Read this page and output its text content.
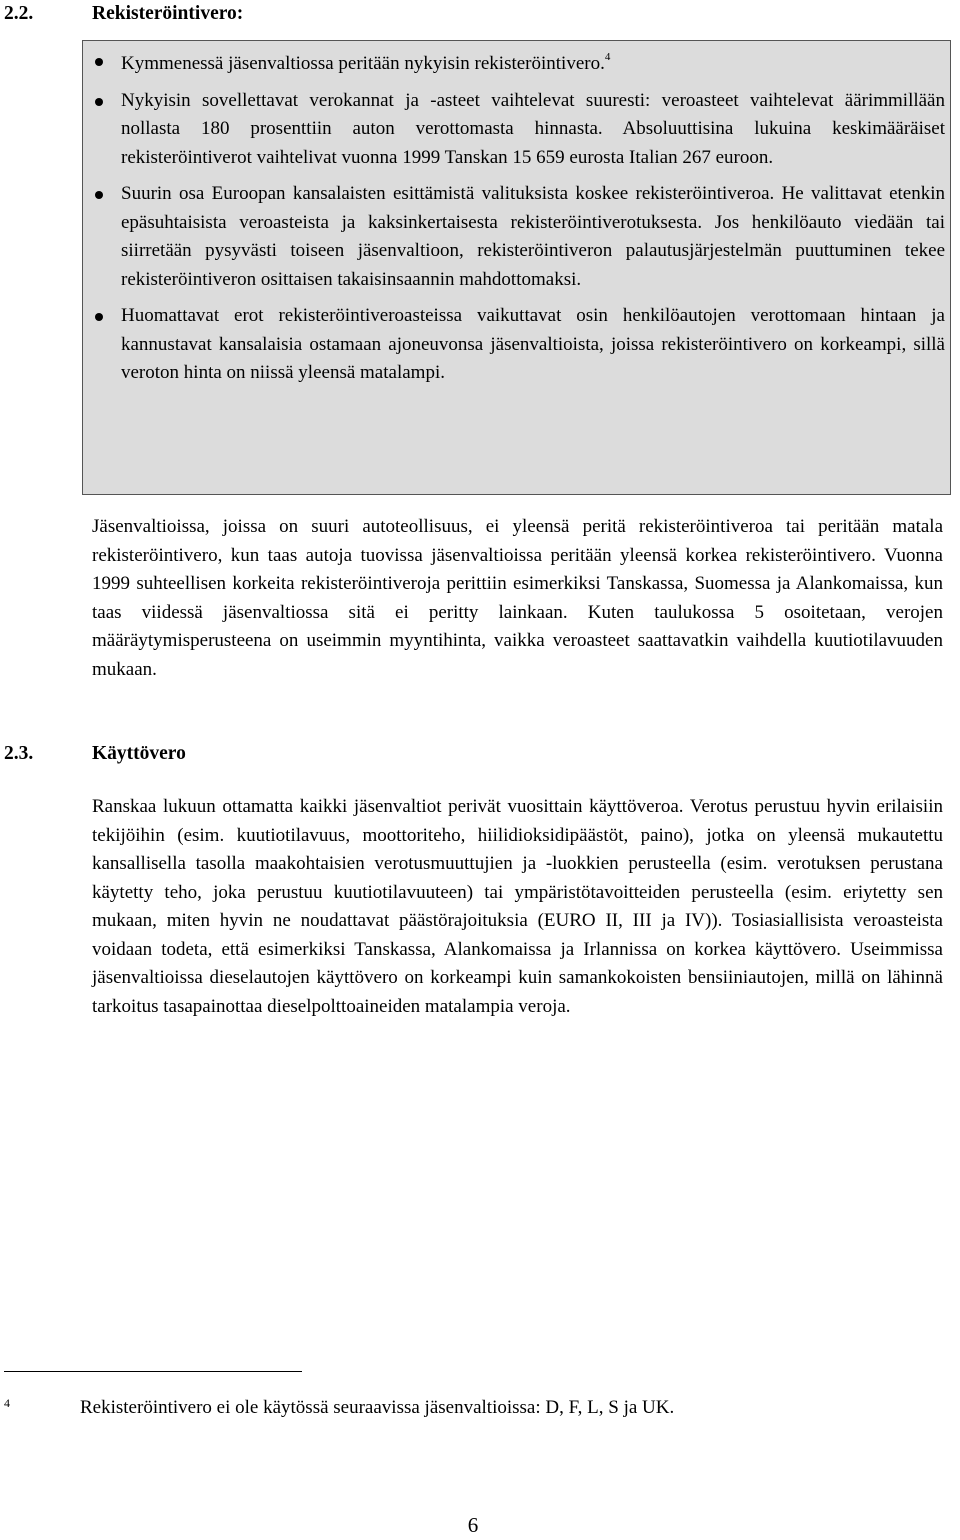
2.2.	Rekisteröintivero:
Kymmenessä jäsenvaltiossa peritään nykyisin rekisteröintivero.$^4$
Nykyisin sovellettavat verokannat ja -asteet vaihtelevat suuresti: veroasteet vaihtelevat äärimmillään nollasta 180 prosenttiin auton verottomasta hinnasta. Absoluuttisina lukuina keskimääräiset rekisteröintiverot vaihtelivat vuonna 1999 Tanskan 15 659 eurosta Italian 267 euroon.
Suurin osa Euroopan kansalaisten esittämistä valituksista koskee rekisteröintiveroa. He valittavat etenkin epäsuhtaisista veroasteista ja kaksinkertaisesta rekisteröintiverotuksesta. Jos henkilöauto viedään tai siirretään pysyvästi toiseen jäsenvaltioon, rekisteröintiveron palautusjärjestelmän puuttuminen tekee rekisteröintiveron osittaisen takaisinsaannin mahdottomaksi.
Huomattavat erot rekisteröintiveroasteissa vaikuttavat osin henkilöautojen verottomaan hintaan ja kannustavat kansalaisia ostamaan ajoneuvonsa jäsenvaltioista, joissa rekisteröintivero on korkeampi, sillä veroton hinta on niissä yleensä matalampi.

Jäsenvaltioissa, joissa on suuri autoteollisuus, ei yleensä peritä rekisteröintiveroa tai peritään matala rekisteröintivero, kun taas autoja tuovissa jäsenvaltioissa peritään yleensä korkea rekisteröintivero. Vuonna 1999 suhteellisen korkeita rekisteröintiveroja perittiin esimerkiksi Tanskassa, Suomessa ja Alankomaissa, kun taas viidessä jäsenvaltiossa sitä ei peritty lainkaan. Kuten taulukossa 5 osoitetaan, verojen määräytymisperusteena on useimmin myyntihinta, vaikka veroasteet saattavatkin vaihdella kuutiotilavuuden mukaan.

2.3.	Käyttövero

Ranskaa lukuun ottamatta kaikki jäsenvaltiot perivät vuosittain käyttöveroa. Verotus perustuu hyvin erilaisiin tekijöihin (esim. kuutiotilavuus, moottoriteho, hiilidioksidipäästöt, paino), jotka on yleensä mukautettu kansallisella tasolla maakohtaisien verotusmuuttujien ja -luokkien perusteella (esim. verotuksen perustana käytetty teho, joka perustuu kuutiotilavuuteen) tai ympäristötavoitteiden perusteella (esim. eriytetty sen mukaan, miten hyvin ne noudattavat päästörajoituksia (EURO II, III ja IV)). Tosiasiallisista veroasteista voidaan todeta, että esimerkiksi Tanskassa, Alankomaissa ja Irlannissa on korkea käyttövero. Useimmissa jäsenvaltioissa dieselautojen käyttövero on korkeampi kuin samankokoisten bensiiniautojen, millä on lähinnä tarkoitus tasapainottaa dieselpolttoaineiden matalampia veroja.

4	Rekisteröintivero ei ole käytössä seuraavissa jäsenvaltioissa: D, F, L, S ja UK.
6
